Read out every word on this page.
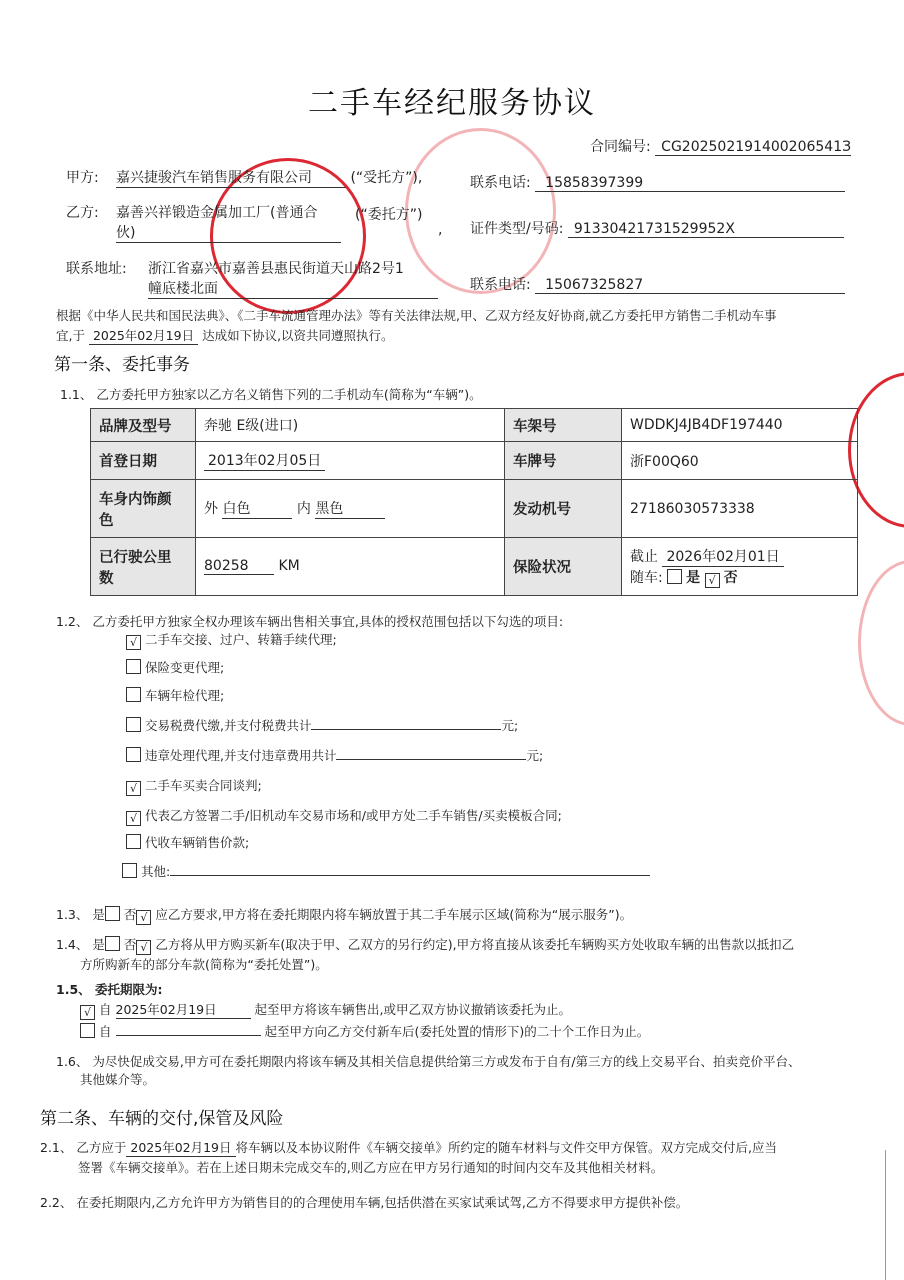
二手车经纪服务协议
合同编号: CG202502191400206541З
甲方: 嘉兴捷骏汽车销售服务有限公司	(“受托方”),	联系电话: 15858397399
乙方: 嘉善兴祥锻造金属加工厂(普通合
伙)
(“委托方”)
, 证件类型/号码: 91330421731529952X
联系地址: 浙江省嘉兴市嘉善县惠民街道天山路2号1
幢底楼北面	联系电话: 15067325827
根据《中华人民共和国民法典》、《二手车流通管理办法》等有关法律法规,甲、乙双方经友好协商,就乙方委托甲方销售二手机动车事
宜,于 2025年02月19日 达成如下协议,以资共同遵照执行。
第一条、委托事务
1.1、 乙方委托甲方独家以乙方名义销售下列的二手机动车(简称为“车辆”)。
品牌及型号	奔驰 E级(进口)	车架号	WDDKJ4JB4DF197440
首登日期	2013年02月05日	车牌号	浙F00Q60
车身内饰颜
色	外 白色 内 黑色	发动机号	27186030573338
已行驶公里
数	80258 KM	保险状况	截止 2026年02月01日
随车: 是 √ 否
1.2、 乙方委托甲方独家全权办理该车辆出售相关事宜,具体的授权范围包括以下勾选的项目:
√ 二手车交接、过户、转籍手续代理;
保险变更代理;
车辆年检代理;
交易税费代缴,并支付税费共计	元;
违章处理代理,并支付违章费用共计	元;
√ 二手车买卖合同谈判;
√ 代表乙方签署二手/旧机动车交易市场和/或甲方处二手车销售/买卖模板合同;
代收车辆销售价款;
其他:
1.3、 是 否 √ 应乙方要求,甲方将在委托期限内将车辆放置于其二手车展示区域(简称为“展示服务”)。
1.4、 是 否 √ 乙方将从甲方购买新车(取决于甲、乙双方的另行约定),甲方将直接从该委托车辆购买方处收取车辆的出售款以抵扣乙
方所购新车的部分车款(简称为“委托处置”)。
1.5、 委托期限为:
√ 自 2025年02月19日	起至甲方将该车辆售出,或甲乙双方协议撤销该委托为止。
自	起至甲方向乙方交付新车后(委托处置的情形下)的二十个工作日为止。
1.6、 为尽快促成交易,甲方可在委托期限内将该车辆及其相关信息提供给第三方或发布于自有/第三方的线上交易平台、拍卖竞价平台、
其他媒介等。
第二条、车辆的交付,保管及风险
2.1、 乙方应于 2025年02月19日 将车辆以及本协议附件《车辆交接单》所约定的随车材料与文件交甲方保管。双方完成交付后,应当
签署《车辆交接单》。若在上述日期未完成交车的,则乙方应在甲方另行通知的时间内交车及其他相关材料。
2.2、 在委托期限内,乙方允许甲方为销售目的的合理使用车辆,包括供潜在买家试乘试驾,乙方不得要求甲方提供补偿。
